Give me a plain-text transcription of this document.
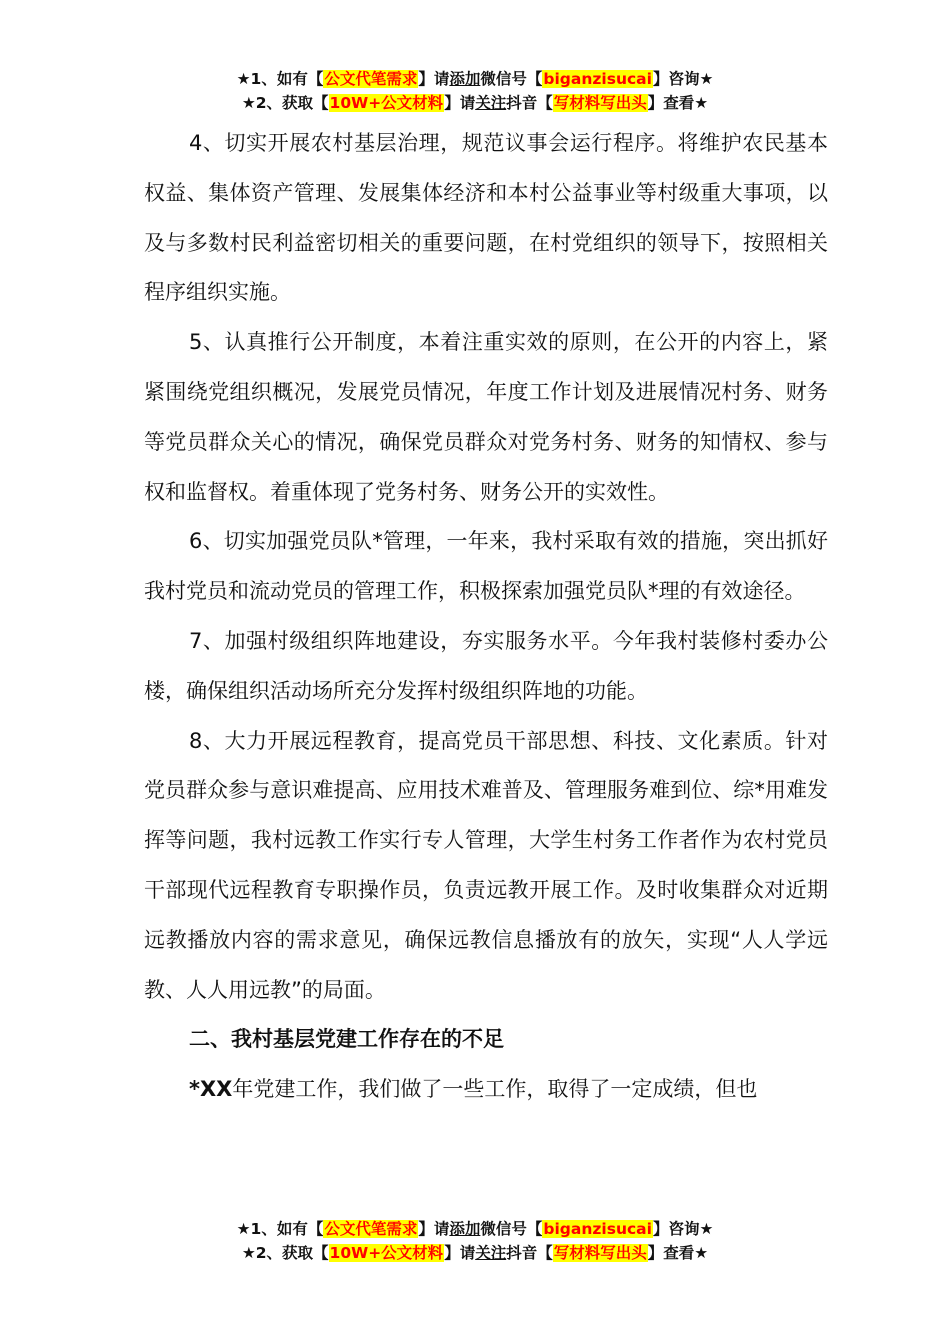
★1、如有【公文代笔需求】请添加微信号【biganzisucai】咨询★
★2、获取【10W+公文材料】请关注抖音【写材料写出头】查看★

4、切实开展农村基层治理，规范议事会运行程序。将维护农民基本权益、集体资产管理、发展集体经济和本村公益事业等村级重大事项，以及与多数村民利益密切相关的重要问题，在村党组织的领导下，按照相关程序组织实施。

5、认真推行公开制度，本着注重实效的原则，在公开的内容上，紧紧围绕党组织概况，发展党员情况，年度工作计划及进展情况村务、财务等党员群众关心的情况，确保党员群众对党务村务、财务的知情权、参与权和监督权。着重体现了党务村务、财务公开的实效性。

6、切实加强党员队*管理，一年来，我村采取有效的措施，突出抓好我村党员和流动党员的管理工作，积极探索加强党员队*理的有效途径。

7、加强村级组织阵地建设，夯实服务水平。今年我村装修村委办公楼，确保组织活动场所充分发挥村级组织阵地的功能。

8、大力开展远程教育，提高党员干部思想、科技、文化素质。针对党员群众参与意识难提高、应用技术难普及、管理服务难到位、综*用难发挥等问题，我村远教工作实行专人管理，大学生村务工作者作为农村党员干部现代远程教育专职操作员，负责远教开展工作。及时收集群众对近期远教播放内容的需求意见，确保远教信息播放有的放矢，实现“人人学远教、人人用远教”的局面。

二、我村基层党建工作存在的不足

*XX年党建工作，我们做了一些工作，取得了一定成绩，但也

★1、如有【公文代笔需求】请添加微信号【biganzisucai】咨询★
★2、获取【10W+公文材料】请关注抖音【写材料写出头】查看★
